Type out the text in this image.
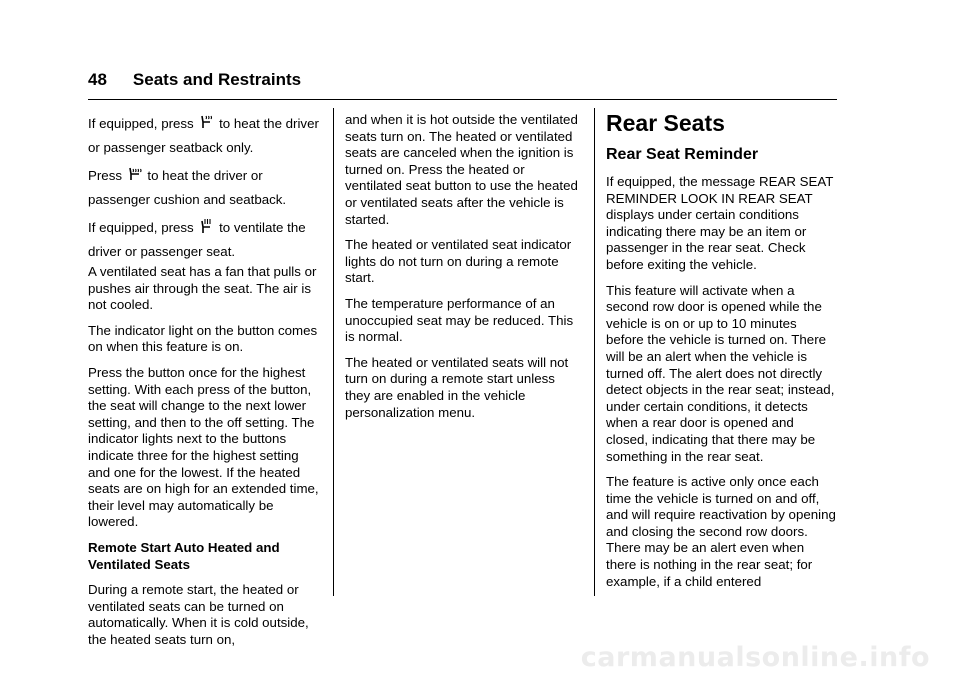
48 Seats and Restraints

If equipped, press  to heat the driver or passenger seatback only.

Press  to heat the driver or passenger cushion and seatback.

If equipped, press  to ventilate the driver or passenger seat.

A ventilated seat has a fan that pulls or pushes air through the seat. The air is not cooled.

The indicator light on the button comes on when this feature is on.

Press the button once for the highest setting. With each press of the button, the seat will change to the next lower setting, and then to the off setting. The indicator lights next to the buttons indicate three for the highest setting and one for the lowest. If the heated seats are on high for an extended time, their level may automatically be lowered.

Remote Start Auto Heated and Ventilated Seats

During a remote start, the heated or ventilated seats can be turned on automatically. When it is cold outside, the heated seats turn on,

and when it is hot outside the ventilated seats turn on. The heated or ventilated seats are canceled when the ignition is turned on. Press the heated or ventilated seat button to use the heated or ventilated seats after the vehicle is started.

The heated or ventilated seat indicator lights do not turn on during a remote start.

The temperature performance of an unoccupied seat may be reduced. This is normal.

The heated or ventilated seats will not turn on during a remote start unless they are enabled in the vehicle personalization menu.

Rear Seats
Rear Seat Reminder

If equipped, the message REAR SEAT REMINDER LOOK IN REAR SEAT displays under certain conditions indicating there may be an item or passenger in the rear seat. Check before exiting the vehicle.

This feature will activate when a second row door is opened while the vehicle is on or up to 10 minutes before the vehicle is turned on. There will be an alert when the vehicle is turned off. The alert does not directly detect objects in the rear seat; instead, under certain conditions, it detects when a rear door is opened and closed, indicating that there may be something in the rear seat.

The feature is active only once each time the vehicle is turned on and off, and will require reactivation by opening and closing the second row doors. There may be an alert even when there is nothing in the rear seat; for example, if a child entered

carmanualsonline.info
